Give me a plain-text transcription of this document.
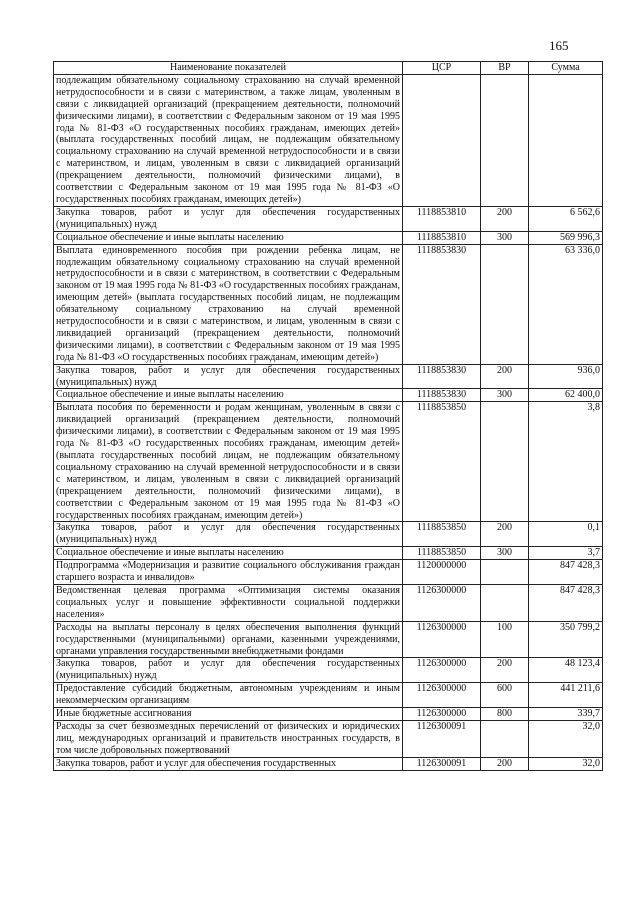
165
Наименование показателей	ЦСР	ВР	Сумма
подлежащим обязательному социальному страхованию на случай временной нетрудоспособности и в связи с материнством, а также лицам, уволенным в связи с ликвидацией организаций (прекращением деятельности, полномочий физическими лицами), в соответствии с Федеральным законом от 19 мая 1995 года № 81-ФЗ «О государственных пособиях гражданам, имеющих детей» (выплата государственных пособий лицам, не подлежащим обязательному социальному страхованию на случай временной нетрудоспособности и в связи с материнством, и лицам, уволенным в связи с ликвидацией организаций (прекращением деятельности, полномочий физическими лицами), в соответствии с Федеральным законом от 19 мая 1995 года № 81-ФЗ «О государственных пособиях гражданам, имеющих детей»)			
Закупка товаров, работ и услуг для обеспечения государственных (муниципальных) нужд	1118853810	200	6 562,6
Социальное обеспечение и иные выплаты населению	1118853810	300	569 996,3
Выплата единовременного пособия при рождении ребенка лицам, не подлежащим обязательному социальному страхованию на случай временной нетрудоспособности и в связи с материнством, в соответствии с Федеральным законом от 19 мая 1995 года № 81-ФЗ «О государственных пособиях гражданам, имеющим детей» (выплата государственных пособий лицам, не подлежащим обязательному социальному страхованию на случай временной нетрудоспособности и в связи с материнством, и лицам, уволенным в связи с ликвидацией организаций (прекращением деятельности, полномочий физическими лицами), в соответствии с Федеральным законом от 19 мая 1995 года № 81-ФЗ «О государственных пособиях гражданам, имеющим детей»)	1118853830		63 336,0
Закупка товаров, работ и услуг для обеспечения государственных (муниципальных) нужд	1118853830	200	936,0
Социальное обеспечение и иные выплаты населению	1118853830	300	62 400,0
Выплата пособия по беременности и родам женщинам, уволенным в связи с ликвидацией организаций (прекращением деятельности, полномочий физическими лицами), в соответствии с Федеральным законом от 19 мая 1995 года № 81-ФЗ «О государственных пособиях гражданам, имеющим детей» (выплата государственных пособий лицам, не подлежащим обязательному социальному страхованию на случай временной нетрудоспособности и в связи с материнством, и лицам, уволенным в связи с ликвидацией организаций (прекращением деятельности, полномочий физическими лицами), в соответствии с Федеральным законом от 19 мая 1995 года № 81-ФЗ «О государственных пособиях гражданам, имеющим детей»)	1118853850		3,8
Закупка товаров, работ и услуг для обеспечения государственных (муниципальных) нужд	1118853850	200	0,1
Социальное обеспечение и иные выплаты населению	1118853850	300	3,7
Подпрограмма «Модернизация и развитие социального обслуживания граждан старшего возраста и инвалидов»	1120000000		847 428,3
Ведомственная целевая программа «Оптимизация системы оказания социальных услуг и повышение эффективности социальной поддержки населения»	1126300000		847 428,3
Расходы на выплаты персоналу в целях обеспечения выполнения функций государственными (муниципальными) органами, казенными учреждениями, органами управления государственными внебюджетными фондами	1126300000	100	350 799,2
Закупка товаров, работ и услуг для обеспечения государственных (муниципальных) нужд	1126300000	200	48 123,4
Предоставление субсидий бюджетным, автономным учреждениям и иным некоммерческим организациям	1126300000	600	441 211,6
Иные бюджетные ассигнования	1126300000	800	339,7
Расходы за счет безвозмездных перечислений от физических и юридических лиц, международных организаций и правительств иностранных государств, в том числе добровольных пожертвований	1126300091		32,0
Закупка товаров, работ и услуг для обеспечения государственных	1126300091	200	32,0
